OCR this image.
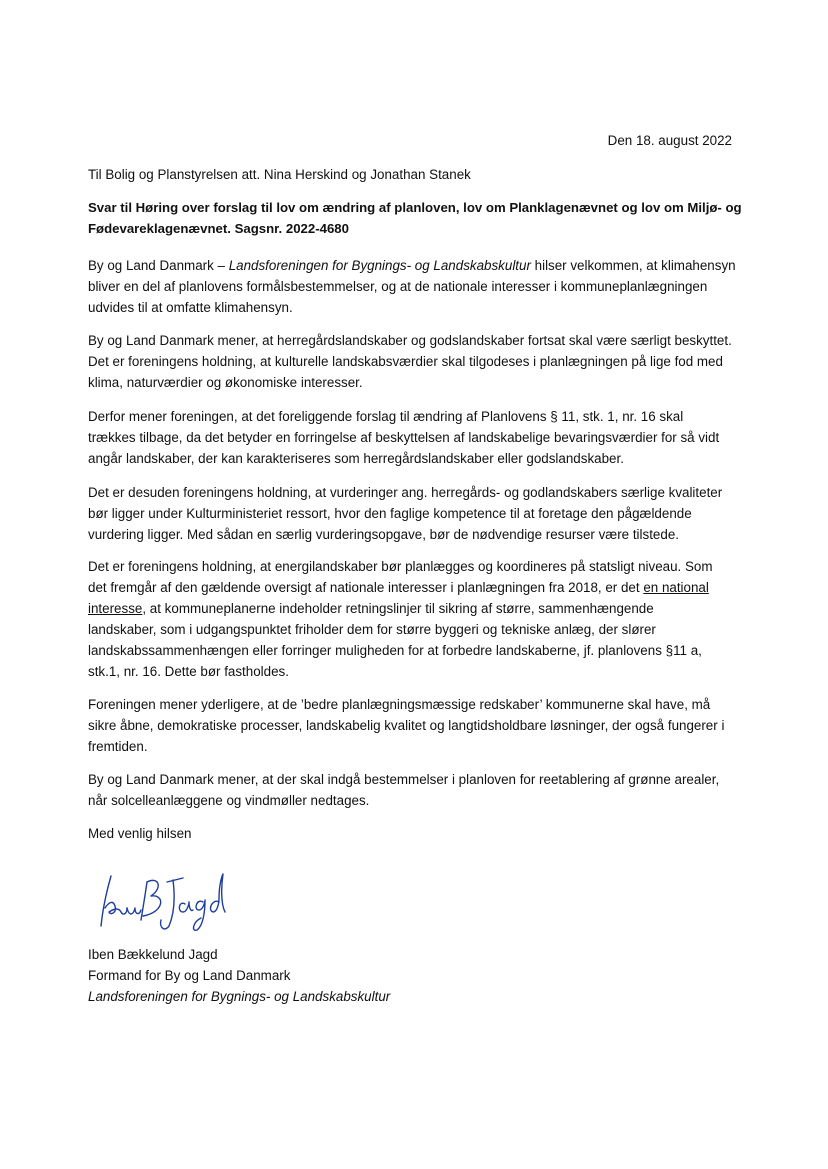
Den 18. august 2022
Til Bolig og Planstyrelsen att. Nina Herskind og Jonathan Stanek
Svar til Høring over forslag til lov om ændring af planloven, lov om Planklagenævnet og lov om Miljø- og
Fødevareklagenævnet. Sagsnr. 2022-4680
By og Land Danmark – Landsforeningen for Bygnings- og Landskabskultur hilser velkommen, at klimahensyn
bliver en del af planlovens formålsbestemmelser, og at de nationale interesser i kommuneplanlægningen
udvides til at omfatte klimahensyn.
By og Land Danmark mener, at herregårdslandskaber og godslandskaber fortsat skal være særligt beskyttet.
Det er foreningens holdning, at kulturelle landskabsværdier skal tilgodeses i planlægningen på lige fod med
klima, naturværdier og økonomiske interesser.
Derfor mener foreningen, at det foreliggende forslag til ændring af Planlovens § 11, stk. 1, nr. 16 skal
trækkes tilbage, da det betyder en forringelse af beskyttelsen af landskabelige bevaringsværdier for så vidt
angår landskaber, der kan karakteriseres som herregårdslandskaber eller godslandskaber.
Det er desuden foreningens holdning, at vurderinger ang. herregårds- og godlandskabers særlige kvaliteter
bør ligger under Kulturministeriet ressort, hvor den faglige kompetence til at foretage den pågældende
vurdering ligger. Med sådan en særlig vurderingsopgave, bør de nødvendige resurser være tilstede.
Det er foreningens holdning, at energilandskaber bør planlægges og koordineres på statsligt niveau. Som
det fremgår af den gældende oversigt af nationale interesser i planlægningen fra 2018, er det en national
interesse, at kommuneplanerne indeholder retningslinjer til sikring af større, sammenhængende
landskaber, som i udgangspunktet friholder dem for større byggeri og tekniske anlæg, der slører
landskabssammenhængen eller forringer muligheden for at forbedre landskaberne, jf. planlovens §11 a,
stk.1, nr. 16. Dette bør fastholdes.
Foreningen mener yderligere, at de ’bedre planlægningsmæssige redskaber’ kommunerne skal have, må
sikre åbne, demokratiske processer, landskabelig kvalitet og langtidsholdbare løsninger, der også fungerer i
fremtiden.
By og Land Danmark mener, at der skal indgå bestemmelser i planloven for reetablering af grønne arealer,
når solcelleanlæggene og vindmøller nedtages.
Med venlig hilsen
Iben Bækkelund Jagd
Formand for By og Land Danmark
Landsforeningen for Bygnings- og Landskabskultur
